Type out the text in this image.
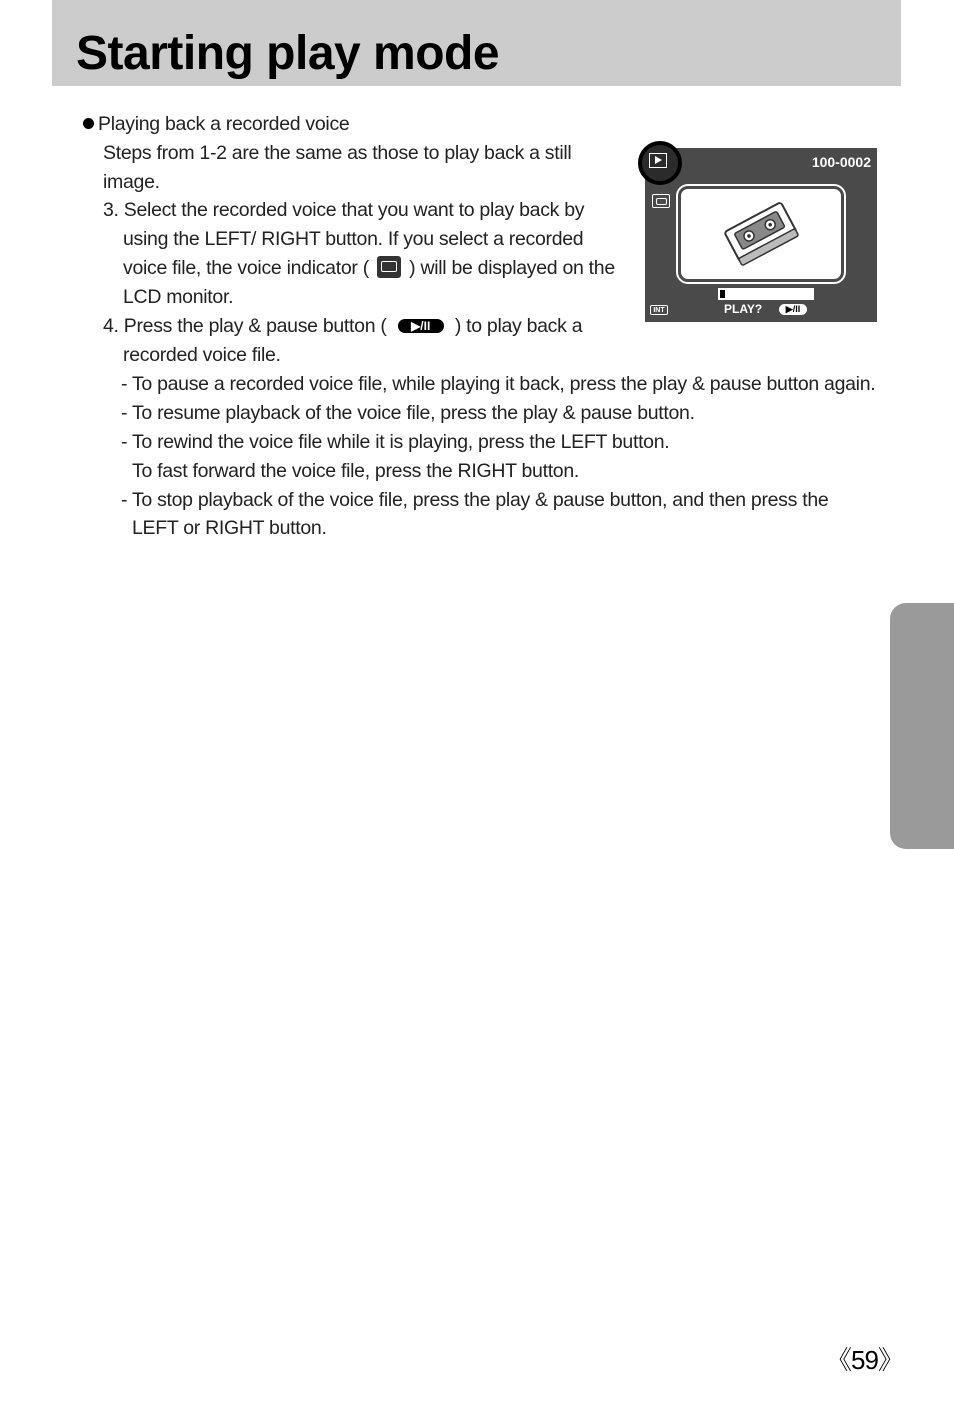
Starting play mode
Playing back a recorded voice
Steps from 1-2 are the same as those to play back a still
image.
3. Select the recorded voice that you want to play back by
using the LEFT/ RIGHT button. If you select a recorded
voice file, the voice indicator ( ) will be displayed on the
LCD monitor.
4. Press the play & pause button (	▶/II	) to play back a
recorded voice file.
- To pause a recorded voice file, while playing it back, press the play & pause button again.
- To resume playback of the voice file, press the play & pause button.
- To rewind the voice file while it is playing, press the LEFT button.
To fast forward the voice file, press the RIGHT button.
- To stop playback of the voice file, press the play & pause button, and then press the
LEFT or RIGHT button.
100-0002
INT	PLAY?	▶/II
《59》
